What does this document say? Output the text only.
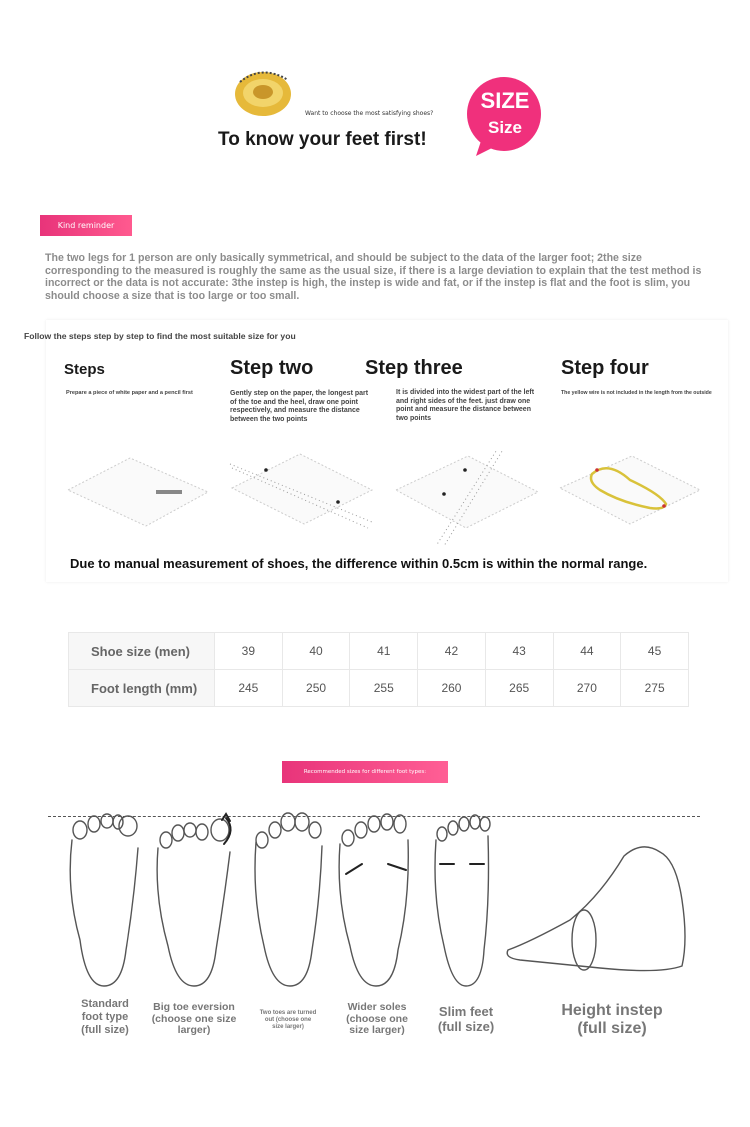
Want to choose the most satisfying shoes?
To know your feet first!
SIZE
Size
Kind reminder
The two legs for 1 person are only basically symmetrical, and should be subject to the data of the larger foot; 2the size corresponding to the measured is roughly the same as the usual size, if there is a large deviation to explain that the test method is incorrect or the data is not accurate: 3the instep is high, the instep is wide and fat, or if the instep is flat and the foot is slim, you should choose a size that is too large or too small.
Follow the steps step by step to find the most suitable size for you
Steps
Prepare a piece of white paper and a pencil first
Step two
Gently step on the paper, the longest part of the toe and the heel, draw one point respectively, and measure the distance between the two points
Step three
It is divided into the widest part of the left and right sides of the feet. just draw one point and measure the distance between two points
Step four
The yellow wire is not included in the length from the outside
Due to manual measurement of shoes, the difference within 0.5cm is within the normal range.
Shoe size (men)	39	40	41	42	43	44	45
Foot length (mm)	245	250	255	260	265	270	275
Recommended sizes for different foot types:
Standard
foot type
(full size)
Big toe eversion
(choose one size
larger)
Two toes are turned
out (choose one
size larger)
Wider soles
(choose one
size larger)
Slim feet
(full size)
Height instep
(full size)
